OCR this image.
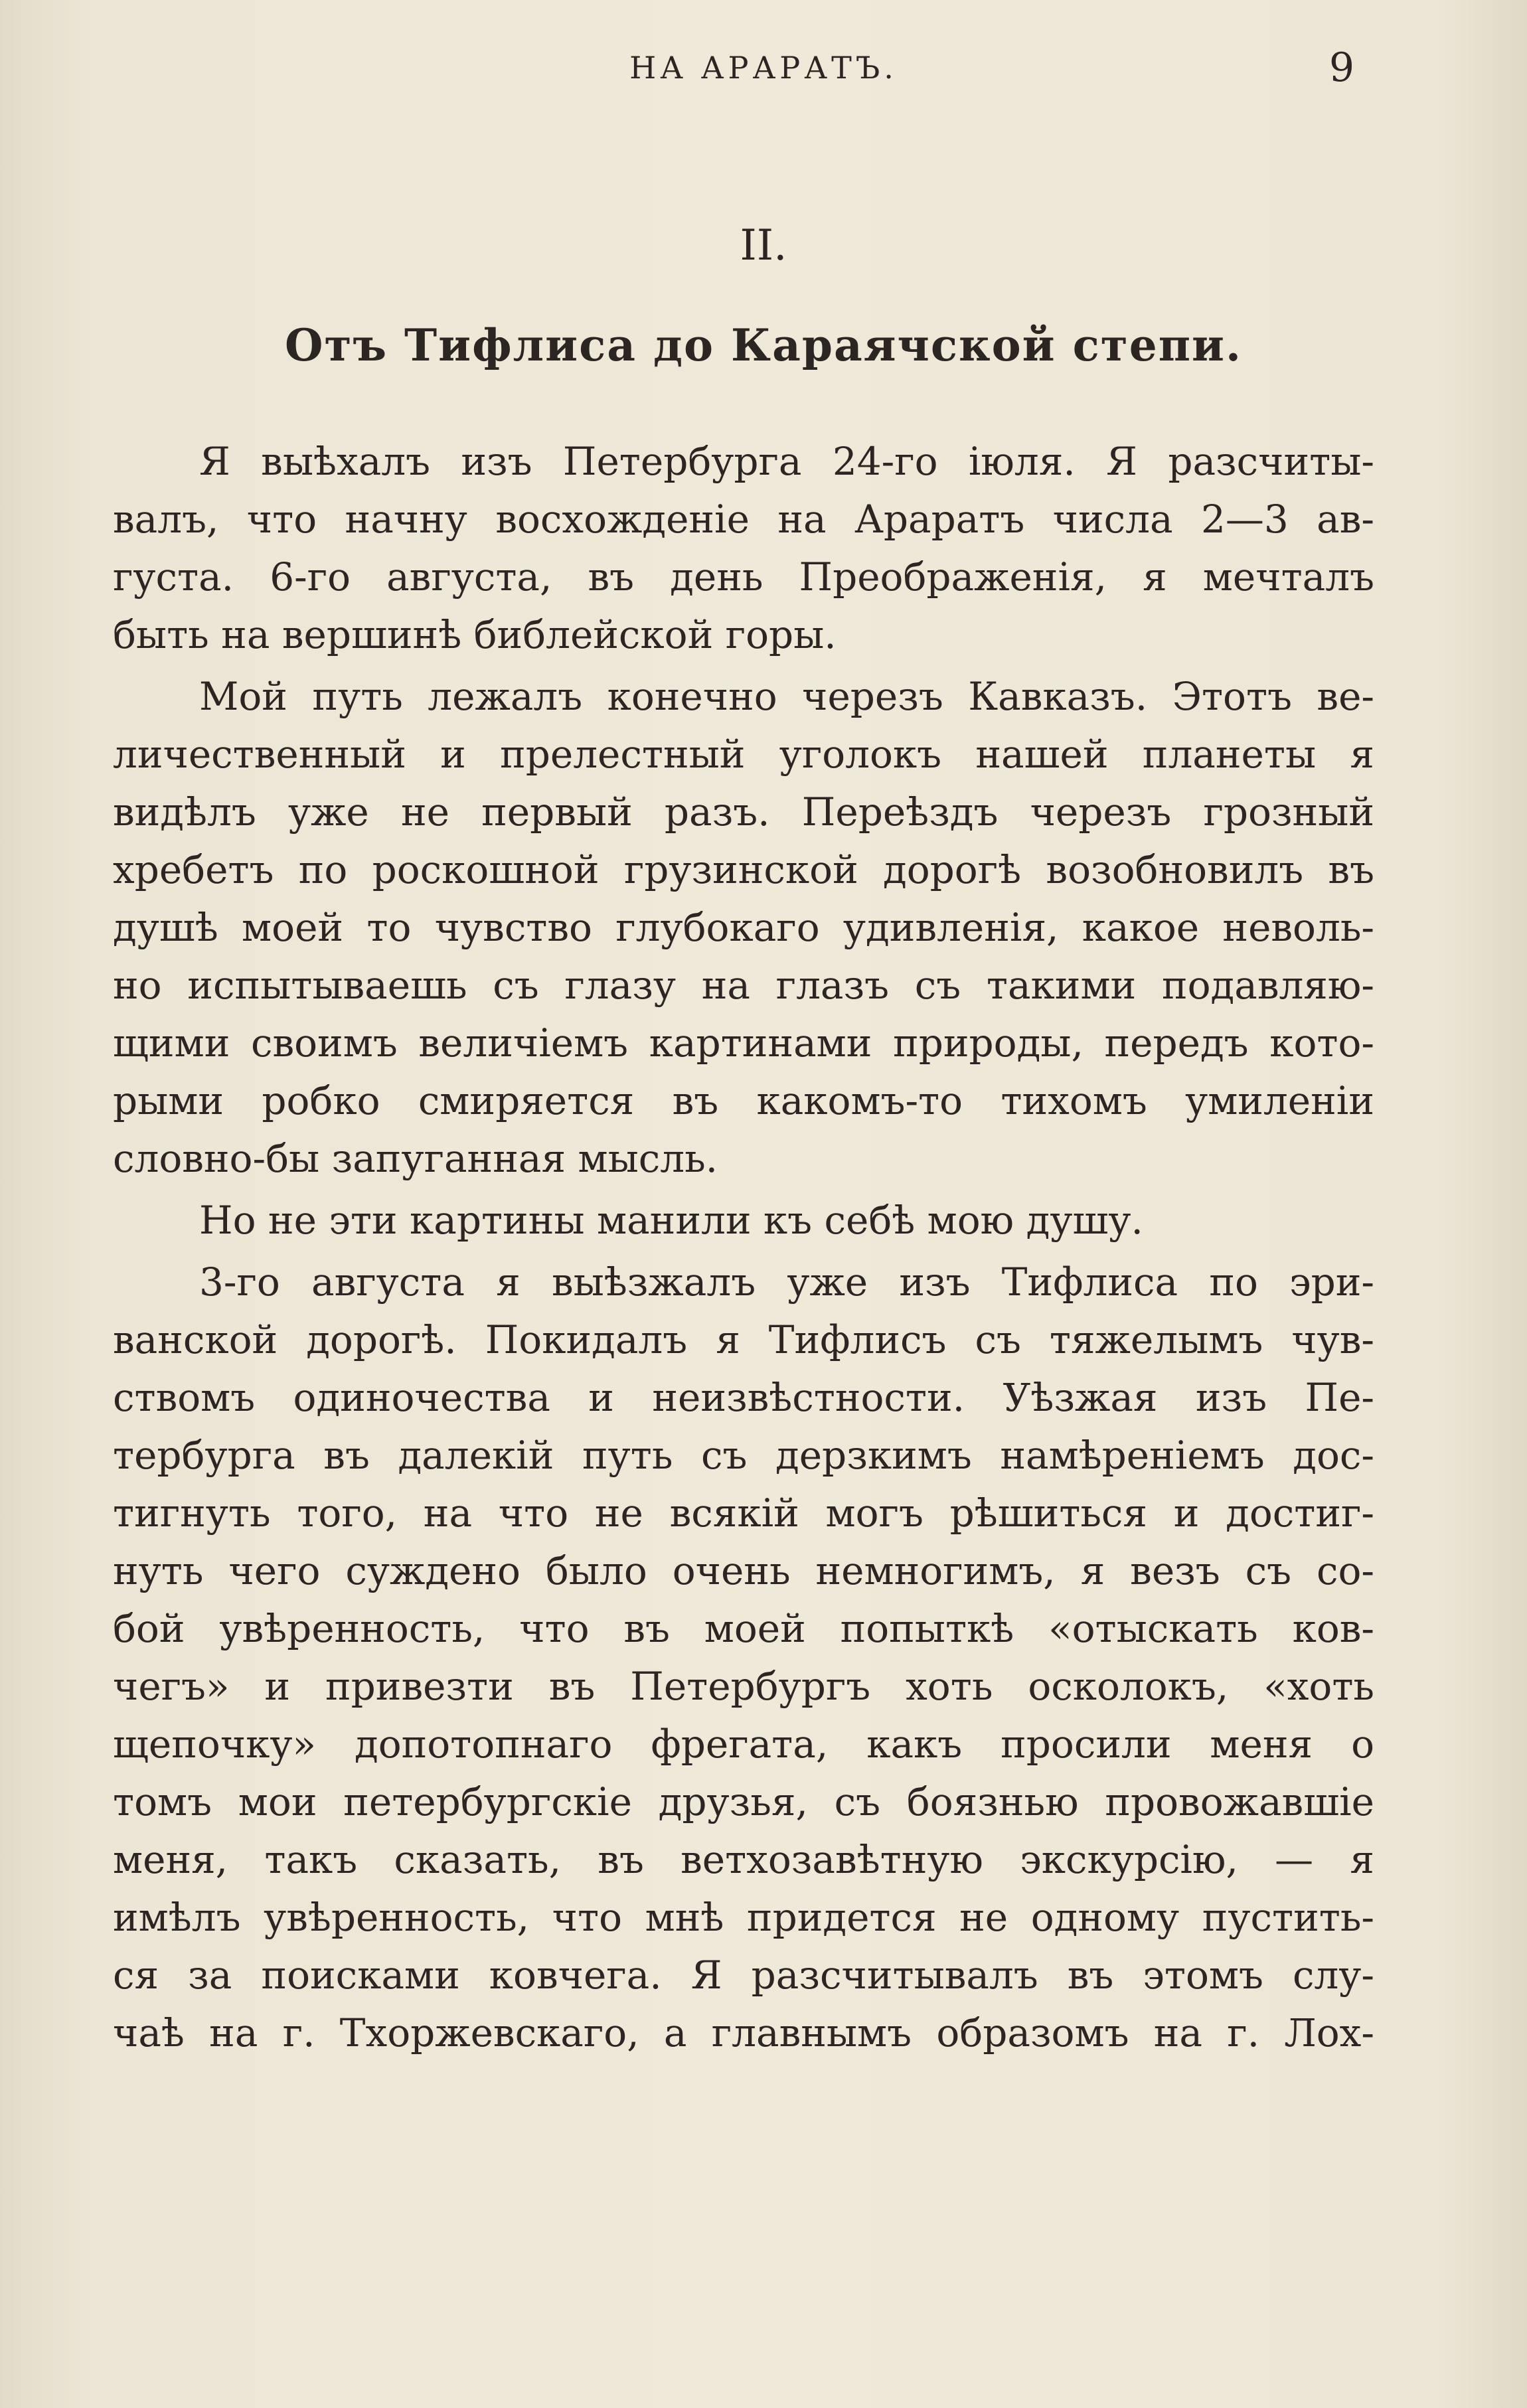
НА АРАРАТЪ.	9
II.
Отъ Тифлиса до Караячской степи.
Я выѣхалъ изъ Петербурга 24-го іюля. Я разсчиты-
валъ, что начну восхожденіе на Араратъ числа 2—3 ав-
густа. 6-го августа, въ день Преображенія, я мечталъ
быть на вершинѣ библейской горы.
Мой путь лежалъ конечно черезъ Кавказъ. Этотъ ве-
личественный и прелестный уголокъ нашей планеты я
видѣлъ уже не первый разъ. Переѣздъ черезъ грозный
хребетъ по роскошной грузинской дорогѣ возобновилъ въ
душѣ моей то чувство глубокаго удивленія, какое неволь-
но испытываешь съ глазу на глазъ съ такими подавляю-
щими своимъ величіемъ картинами природы, передъ кото-
рыми робко смиряется въ какомъ-то тихомъ умиленіи
словно-бы запуганная мысль.
Но не эти картины манили къ себѣ мою душу.
3-го августа я выѣзжалъ уже изъ Тифлиса по эри-
ванской дорогѣ. Покидалъ я Тифлисъ съ тяжелымъ чув-
ствомъ одиночества и неизвѣстности. Уѣзжая изъ Пе-
тербурга въ далекій путь съ дерзкимъ намѣреніемъ дос-
тигнуть того, на что не всякій могъ рѣшиться и достиг-
нуть чего суждено было очень немногимъ, я везъ съ со-
бой увѣренность, что въ моей попыткѣ «отыскать ков-
чегъ» и привезти въ Петербургъ хоть осколокъ, «хоть
щепочку» допотопнаго фрегата, какъ просили меня о
томъ мои петербургскіе друзья, съ боязнью провожавшіе
меня, такъ сказать, въ ветхозавѣтную экскурсію, — я
имѣлъ увѣренность, что мнѣ придется не одному пустить-
ся за поисками ковчега. Я разсчитывалъ въ этомъ слу-
чаѣ на г. Тхоржевскаго, а главнымъ образомъ на г. Лох-
